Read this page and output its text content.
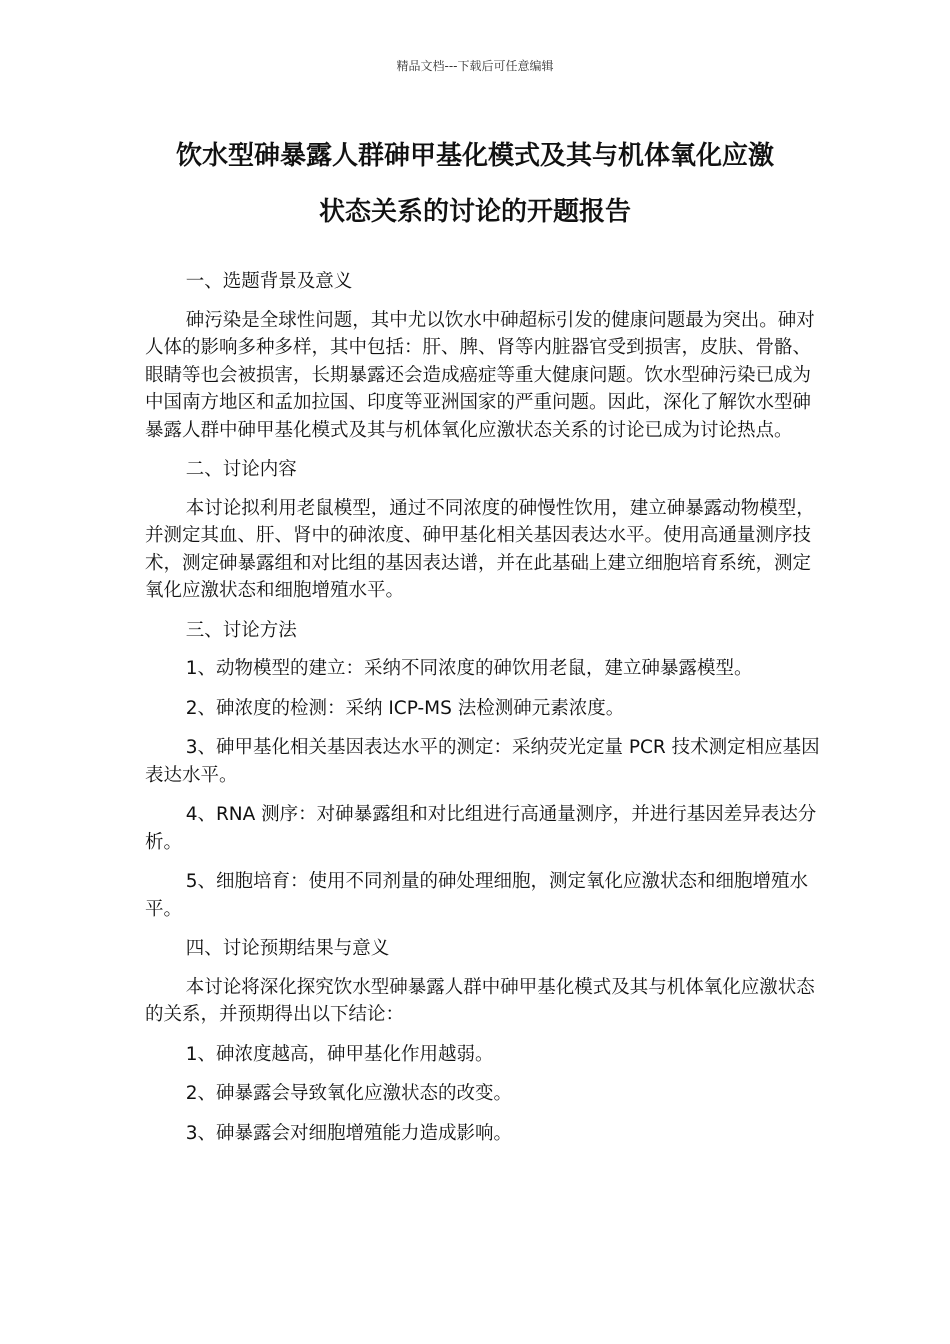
精品文档---下载后可任意编辑
饮水型砷暴露人群砷甲基化模式及其与机体氧化应激
状态关系的讨论的开题报告

一、选题背景及意义

砷污染是全球性问题，其中尤以饮水中砷超标引发的健康问题最为突出。砷对人体的影响多种多样，其中包括：肝、脾、肾等内脏器官受到损害，皮肤、骨骼、眼睛等也会被损害，长期暴露还会造成癌症等重大健康问题。饮水型砷污染已成为中国南方地区和孟加拉国、印度等亚洲国家的严重问题。因此，深化了解饮水型砷暴露人群中砷甲基化模式及其与机体氧化应激状态关系的讨论已成为讨论热点。

二、讨论内容

本讨论拟利用老鼠模型，通过不同浓度的砷慢性饮用，建立砷暴露动物模型，并测定其血、肝、肾中的砷浓度、砷甲基化相关基因表达水平。使用高通量测序技术，测定砷暴露组和对比组的基因表达谱，并在此基础上建立细胞培育系统，测定氧化应激状态和细胞增殖水平。

三、讨论方法

1、动物模型的建立：采纳不同浓度的砷饮用老鼠，建立砷暴露模型。

2、砷浓度的检测：采纳 ICP-MS 法检测砷元素浓度。

3、砷甲基化相关基因表达水平的测定：采纳荧光定量 PCR 技术测定相应基因表达水平。

4、RNA 测序：对砷暴露组和对比组进行高通量测序，并进行基因差异表达分析。

5、细胞培育：使用不同剂量的砷处理细胞，测定氧化应激状态和细胞增殖水平。

四、讨论预期结果与意义

本讨论将深化探究饮水型砷暴露人群中砷甲基化模式及其与机体氧化应激状态的关系，并预期得出以下结论：

1、砷浓度越高，砷甲基化作用越弱。

2、砷暴露会导致氧化应激状态的改变。

3、砷暴露会对细胞增殖能力造成影响。
